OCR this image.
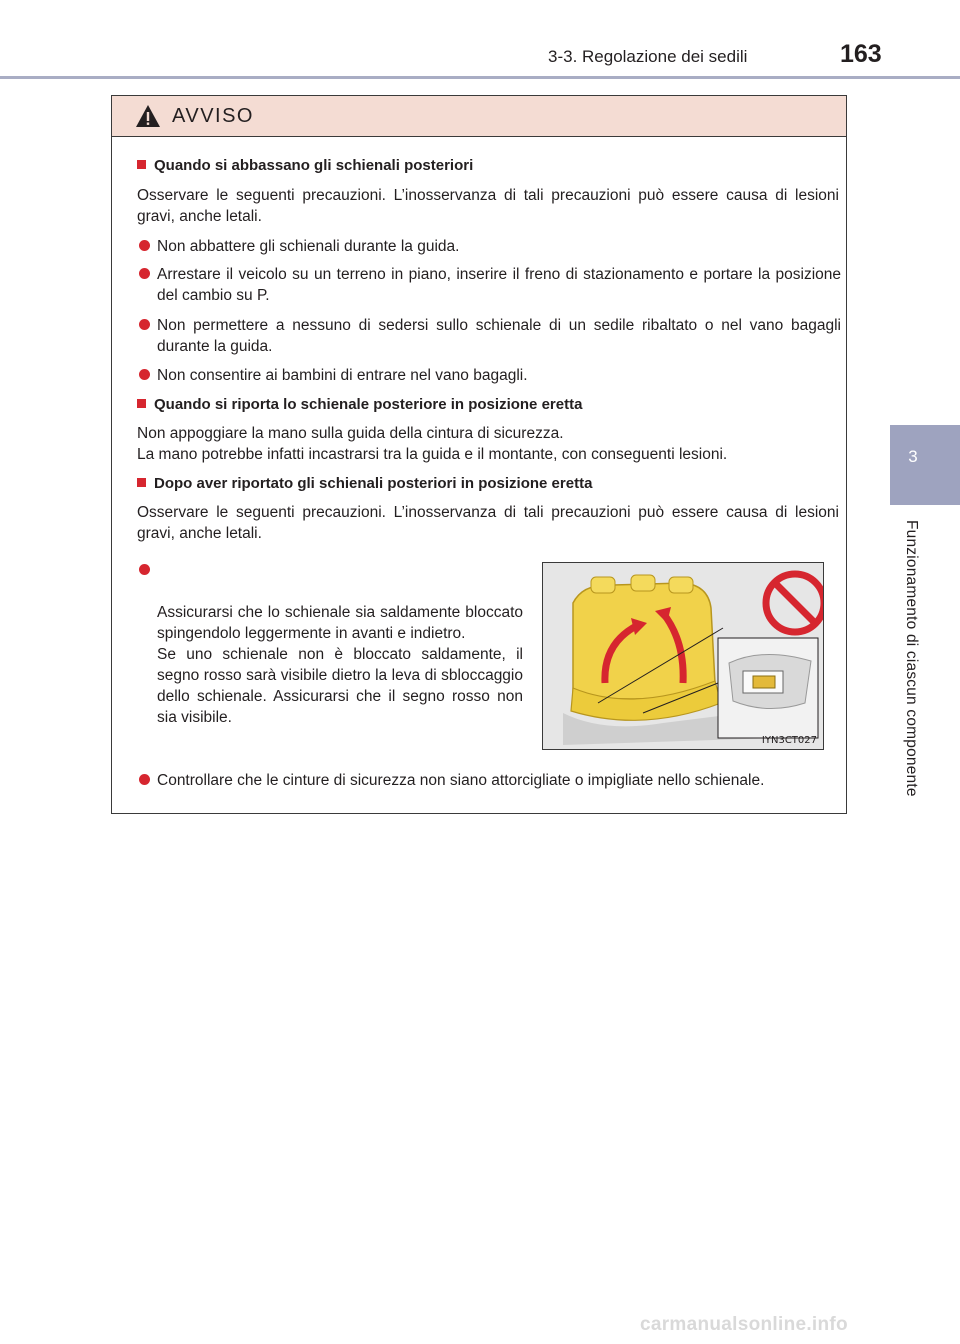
3-3. Regolazione dei sedili	163
3
Funzionamento di ciascun componente
AVVISO
Quando si abbassano gli schienali posteriori
Osservare le seguenti precauzioni. L’inosservanza di tali precauzioni può essere causa di lesioni gravi, anche letali.
Non abbattere gli schienali durante la guida.
Arrestare il veicolo su un terreno in piano, inserire il freno di stazionamento e portare la posizione del cambio su P.
Non permettere a nessuno di sedersi sullo schienale di un sedile ribaltato o nel vano bagagli durante la guida.
Non consentire ai bambini di entrare nel vano bagagli.
Quando si riporta lo schienale posteriore in posizione eretta
Non appoggiare la mano sulla guida della cintura di sicurezza.
La mano potrebbe infatti incastrarsi tra la guida e il montante, con conseguenti lesioni.
Dopo aver riportato gli schienali posteriori in posizione eretta
Osservare le seguenti precauzioni. L’inosservanza di tali precauzioni può essere causa di lesioni gravi, anche letali.

Assicurarsi che lo schienale sia saldamente bloccato spingendolo leggermente in avanti e indietro.
Se uno schienale non è bloccato saldamente, il segno rosso sarà visibile dietro la leva di sbloccaggio dello schienale. Assicurarsi che il segno rosso non sia visibile.

IYN3CT027
Controllare che le cinture di sicurezza non siano attorcigliate o impigliate nello schienale.
carmanualsonline.info
